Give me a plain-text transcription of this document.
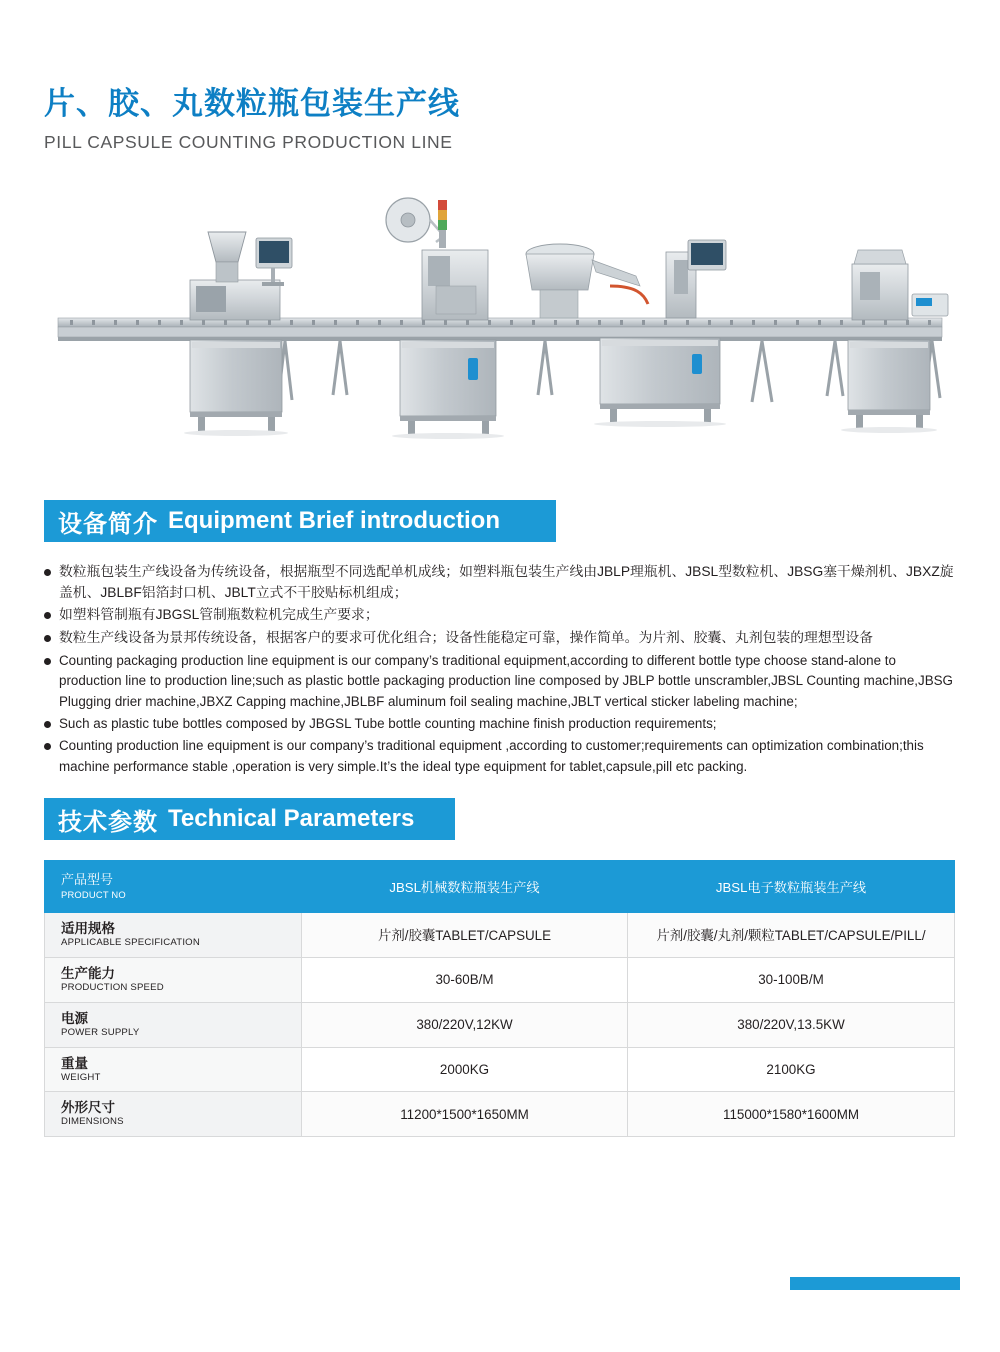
片、胶、丸数粒瓶包装生产线
PILL CAPSULE COUNTING PRODUCTION LINE
设备简介 Equipment Brief introduction
数粒瓶包装生产线设备为传统设备，根据瓶型不同选配单机成线；如塑料瓶包装生产线由JBLP理瓶机、JBSL型数粒机、JBSG塞干燥剂机、JBXZ旋盖机、JBLBF铝箔封口机、JBLT立式不干胶贴标机组成；
如塑料管制瓶有JBGSL管制瓶数粒机完成生产要求；
数粒生产线设备为景邦传统设备，根据客户的要求可优化组合；设备性能稳定可靠，操作简单。为片剂、胶囊、丸剂包装的理想型设备
Counting packaging production line equipment is our company’s traditional equipment,according to different bottle type choose stand-alone to production line to production line;such as plastic bottle packaging production line composed by JBLP bottle unscrambler,JBSL Counting machine,JBSG Plugging drier machine,JBXZ Capping machine,JBLBF aluminum foil sealing machine,JBLT vertical sticker labeling machine;
Such as plastic tube bottles composed by JBGSL Tube bottle counting machine finish production requirements;
Counting production line equipment is our company’s traditional equipment ,according to customer;requirements can optimization combination;this machine performance stable ,operation is very simple.It’s the ideal type equipment for tablet,capsule,pill etc packing.
技术参数 Technical Parameters
产品型号
PRODUCT NO	JBSL机械数粒瓶装生产线	JBSL电子数粒瓶装生产线

适用规格
APPLICABLE SPECIFICATION	片剂/胶囊TABLET/CAPSULE	片剂/胶囊/丸剂/颗粒TABLET/CAPSULE/PILL/

生产能力
PRODUCTION SPEED	30-60B/M	30-100B/M

电源
POWER SUPPLY	380/220V,12KW	380/220V,13.5KW

重量
WEIGHT	2000KG	2100KG

外形尺寸
DIMENSIONS	11200*1500*1650MM	115000*1580*1600MM
